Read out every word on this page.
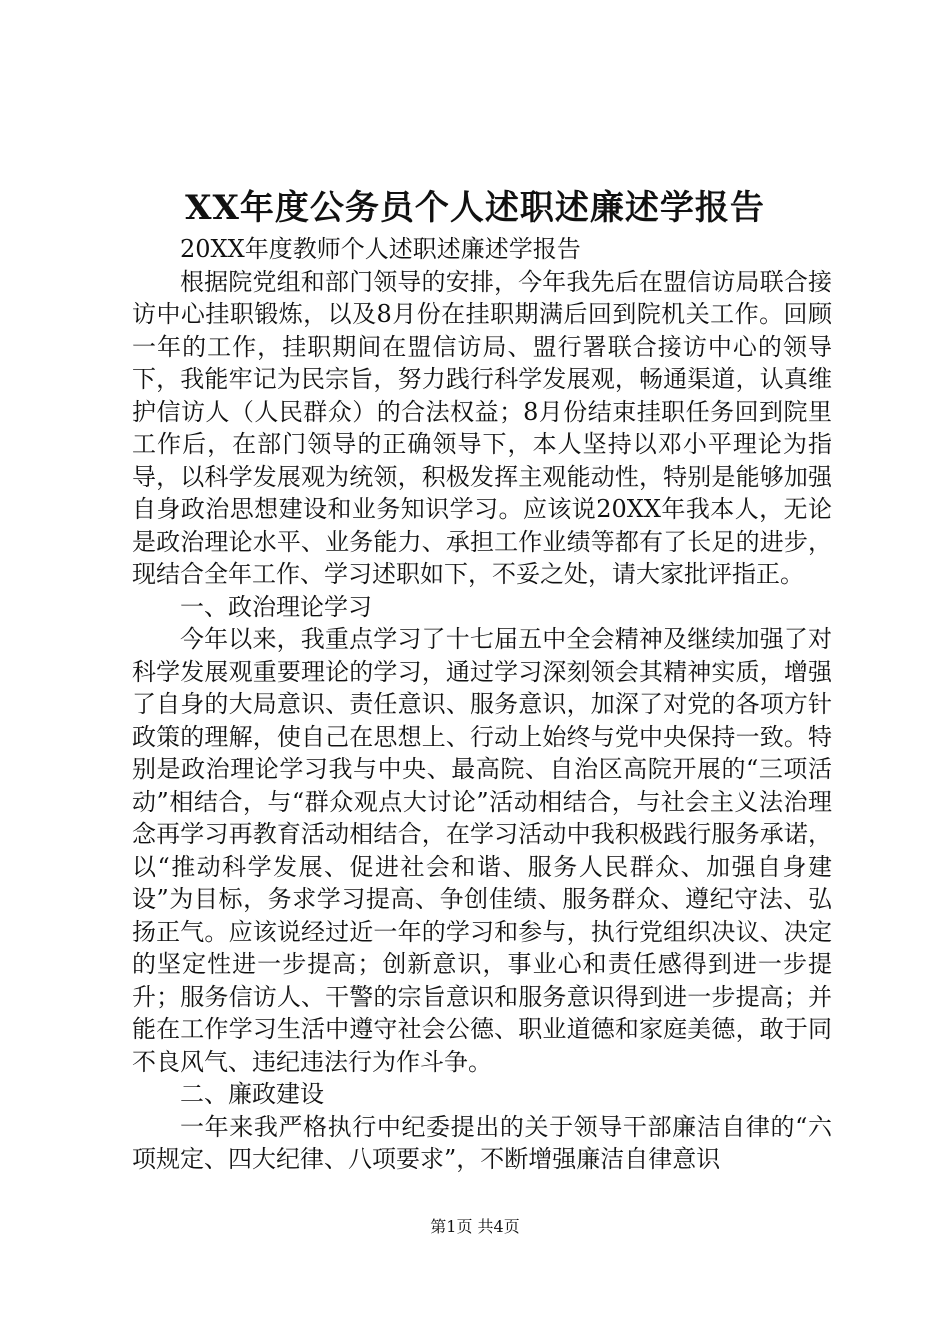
XX年度公务员个人述职述廉述学报告

20XX年度教师个人述职述廉述学报告

根据院党组和部门领导的安排，今年我先后在盟信访局联合接访中心挂职锻炼，以及8月份在挂职期满后回到院机关工作。回顾一年的工作，挂职期间在盟信访局、盟行署联合接访中心的领导下，我能牢记为民宗旨，努力践行科学发展观，畅通渠道，认真维护信访人（人民群众）的合法权益；8月份结束挂职任务回到院里工作后，在部门领导的正确领导下，本人坚持以邓小平理论为指导，以科学发展观为统领，积极发挥主观能动性，特别是能够加强自身政治思想建设和业务知识学习。应该说20XX年我本人，无论是政治理论水平、业务能力、承担工作业绩等都有了长足的进步，现结合全年工作、学习述职如下，不妥之处，请大家批评指正。

一、政治理论学习

今年以来，我重点学习了十七届五中全会精神及继续加强了对科学发展观重要理论的学习，通过学习深刻领会其精神实质，增强了自身的大局意识、责任意识、服务意识，加深了对党的各项方针政策的理解，使自己在思想上、行动上始终与党中央保持一致。特别是政治理论学习我与中央、最高院、自治区高院开展的“三项活动”相结合，与“群众观点大讨论”活动相结合，与社会主义法治理念再学习再教育活动相结合，在学习活动中我积极践行服务承诺，以“推动科学发展、促进社会和谐、服务人民群众、加强自身建设”为目标，务求学习提高、争创佳绩、服务群众、遵纪守法、弘扬正气。应该说经过近一年的学习和参与，执行党组织决议、决定的坚定性进一步提高；创新意识，事业心和责任感得到进一步提升；服务信访人、干警的宗旨意识和服务意识得到进一步提高；并能在工作学习生活中遵守社会公德、职业道德和家庭美德，敢于同不良风气、违纪违法行为作斗争。

二、廉政建设

一年来我严格执行中纪委提出的关于领导干部廉洁自律的“六项规定、四大纪律、八项要求”，不断增强廉洁自律意识

第1页 共4页
